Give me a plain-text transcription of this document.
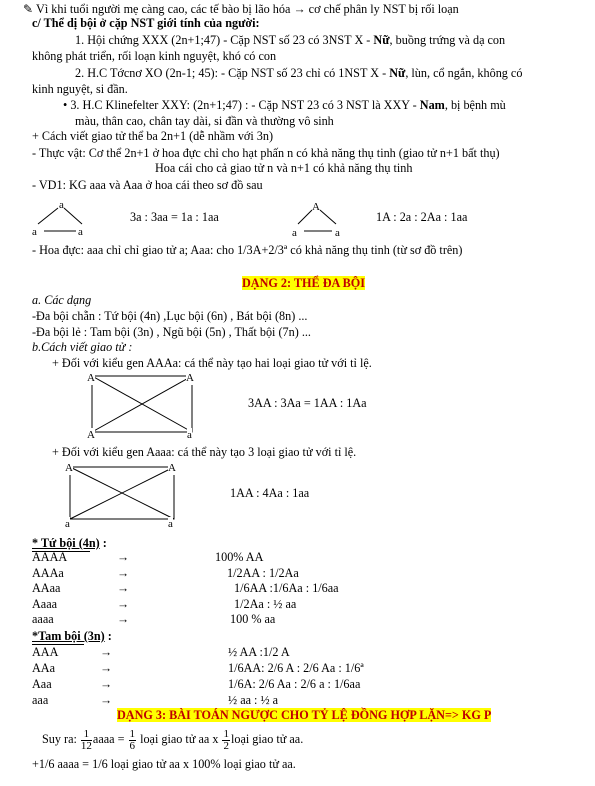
✎ Vì khi tuổi người mẹ càng cao, các tế bào bị lão hóa → cơ chế phân ly NST bị rối loạn
c/ Thể dị bội ở cặp NST giới tính của người:
1. Hội chứng XXX (2n+1;47) - Cặp NST số 23 có 3NST X - Nữ, buồng trứng và dạ con
không phát triển, rối loạn kinh nguyệt, khó có con
2. H.C Tớcnơ XO (2n-1; 45): - Cặp NST số 23 chỉ có 1NST X - Nữ, lùn, cổ ngắn, không có
kinh nguyệt, si đần.
• 3. H.C Klinefelter XXY: (2n+1;47) : - Cặp NST 23 có 3 NST là XXY - Nam, bị bệnh mù
màu, thân cao, chân tay dài, si đần và thường vô sinh
+ Cách viết giao tử thể ba 2n+1 (dễ nhầm với 3n)
- Thực vật: Cơ thể 2n+1 ở hoa đực chỉ cho hạt phấn n có khả năng thụ tinh (giao tử n+1 bất thụ)
Hoa cái cho cả giao tử n và n+1 có khả năng thụ tinh
- VD1: KG aaa và Aaa ở hoa cái theo sơ đồ sau
a
a	a
3a : 3aa = 1a : 1aa
A
a	a
1A : 2a : 2Aa : 1aa
- Hoa đực: aaa chỉ chỉ giao tử a; Aaa: cho 1/3A+2/3ª có khả năng thụ tinh (từ sơ đồ trên)
DẠNG 2: THỂ ĐA BỘI
a. Các dạng
-Đa bội chẵn : Tứ bội (4n) ,Lục bội (6n) , Bát bội (8n) ...
-Đa bội lẻ : Tam bội (3n) , Ngũ bội (5n) , Thất bội (7n) ...
b.Cách viết giao tử :
+ Đối với kiểu gen AAAa: cá thể này tạo hai loại giao tử với tỉ lệ.
A	A
A	a
3AA : 3Aa = 1AA : 1Aa
+ Đối với kiểu gen Aaaa: cá thể này tạo 3 loại giao tử với tỉ lệ.
A	A
a	a
1AA : 4Aa : 1aa
* Tứ bội (4n) :
AAAA	→	100% AA
AAAa	→	1/2AA : 1/2Aa
AAaa	→	1/6AA :1/6Aa : 1/6aa
Aaaa	→	1/2Aa : ½ aa
aaaa	→	100 % aa
*Tam bội (3n) :
AAA	→	½ AA :1/2 A
AAa	→	1/6AA: 2/6 A : 2/6 Aa : 1/6ª
Aaa	→	1/6A: 2/6 Aa : 2/6 a : 1/6aa
aaa	→	½ aa : ½ a
DẠNG 3: BÀI TOÁN NGƯỢC CHO TỶ LỆ ĐỒNG HỢP LẶN=> KG P
Suy ra: $\frac{1}{12}$ aaaa = $\frac{1}{6}$ loại giao tử aa x $\frac{1}{2}$ loại giao tử aa.
+1/6 aaaa = 1/6 loại giao tử aa x 100% loại giao tử aa.
